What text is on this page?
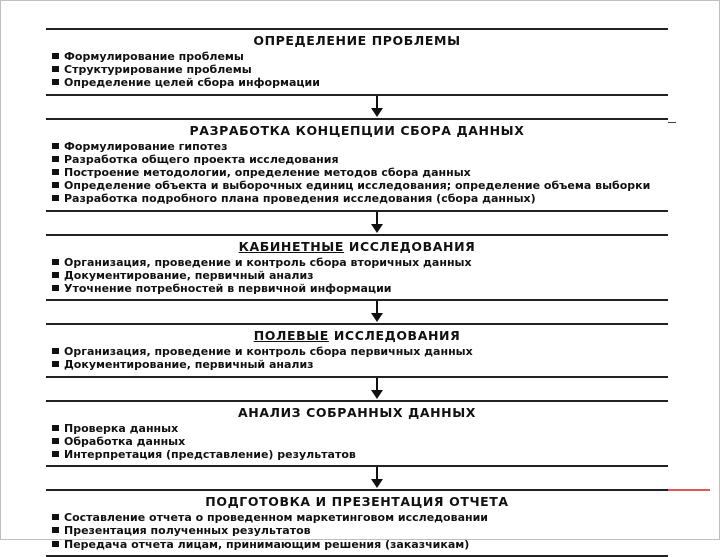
ОПРЕДЕЛЕНИЕ ПРОБЛЕМЫ
Формулирование проблемы
Структурирование проблемы
Определение целей сбора информации
РАЗРАБОТКА КОНЦЕПЦИИ СБОРА ДАННЫХ
Формулирование гипотез
Разработка общего проекта исследования
Построение методологии, определение методов сбора данных
Определение объекта и выборочных единиц исследования; определение объема выборки
Разработка подробного плана проведения исследования (сбора данных)
КАБИНЕТНЫЕ ИССЛЕДОВАНИЯ
Организация, проведение и контроль сбора вторичных данных
Документирование, первичный анализ
Уточнение потребностей в первичной информации
ПОЛЕВЫЕ ИССЛЕДОВАНИЯ
Организация, проведение и контроль сбора первичных данных
Документирование, первичный анализ
АНАЛИЗ СОБРАННЫХ ДАННЫХ
Проверка данных
Обработка данных
Интерпретация (представление) результатов
ПОДГОТОВКА И ПРЕЗЕНТАЦИЯ ОТЧЕТА
Составление отчета о проведенном маркетинговом исследовании
Презентация полученных результатов
Передача отчета лицам, принимающим решения (заказчикам)
